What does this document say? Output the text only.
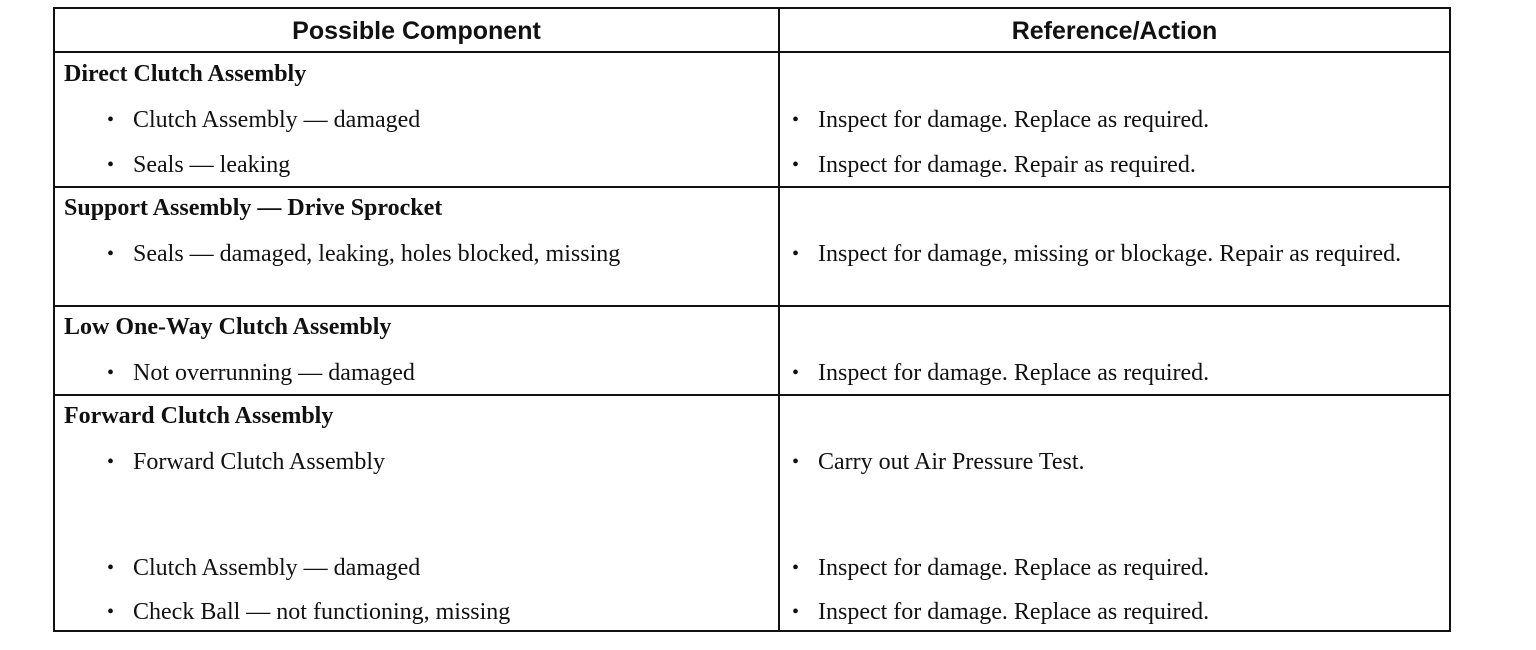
Possible Component	Reference/Action
Direct Clutch Assembly
• Clutch Assembly — damaged	• Inspect for damage. Replace as required.
• Seals — leaking	• Inspect for damage. Repair as required.
Support Assembly — Drive Sprocket
• Seals — damaged, leaking, holes blocked, missing	• Inspect for damage, missing or blockage. Repair as required.
Low One-Way Clutch Assembly
• Not overrunning — damaged	• Inspect for damage. Replace as required.
Forward Clutch Assembly
• Forward Clutch Assembly	• Carry out Air Pressure Test.
• Clutch Assembly — damaged	• Inspect for damage. Replace as required.
• Check Ball — not functioning, missing	• Inspect for damage. Replace as required.
